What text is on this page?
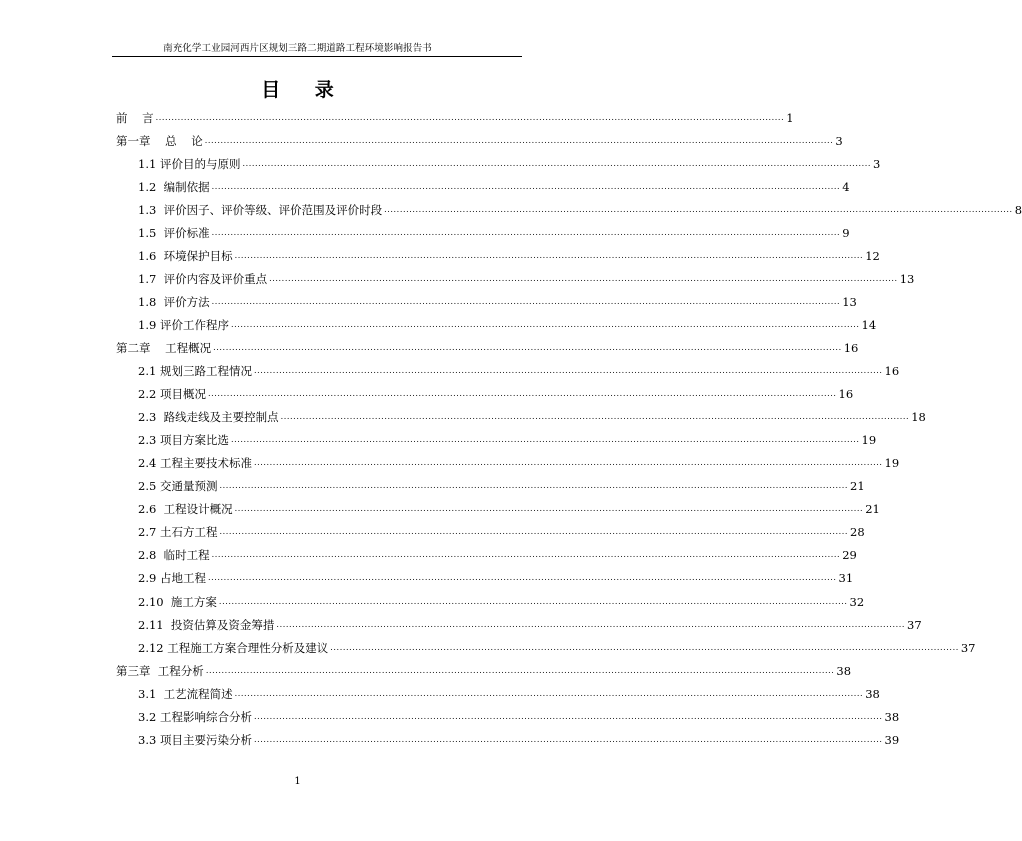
南充化学工业园河西片区规划三路二期道路工程环境影响报告书
目 录
前    言 ........................................................................................................................................................................................................ 1
第一章    总    论 ........................................................................................................................................................................................................ 3
1.1 评价目的与原则 ........................................................................................................................................................................................................ 3
1.2  编制依据 ........................................................................................................................................................................................................ 4
1.3  评价因子、评价等级、评价范围及评价时段 ........................................................................................................................................................................................................ 8
1.5  评价标准 ........................................................................................................................................................................................................ 9
1.6  环境保护目标 ........................................................................................................................................................................................................ 12
1.7  评价内容及评价重点 ........................................................................................................................................................................................................ 13
1.8  评价方法 ........................................................................................................................................................................................................ 13
1.9 评价工作程序 ........................................................................................................................................................................................................ 14
第二章    工程概况 ........................................................................................................................................................................................................ 16
2.1 规划三路工程情况 ........................................................................................................................................................................................................ 16
2.2 项目概况 ........................................................................................................................................................................................................ 16
2.3  路线走线及主要控制点 ........................................................................................................................................................................................................ 18
2.3 项目方案比选 ........................................................................................................................................................................................................ 19
2.4 工程主要技术标准 ........................................................................................................................................................................................................ 19
2.5 交通量预测 ........................................................................................................................................................................................................ 21
2.6  工程设计概况 ........................................................................................................................................................................................................ 21
2.7 土石方工程 ........................................................................................................................................................................................................ 28
2.8  临时工程 ........................................................................................................................................................................................................ 29
2.9 占地工程 ........................................................................................................................................................................................................ 31
2.10  施工方案 ........................................................................................................................................................................................................ 32
2.11  投资估算及资金筹措 ........................................................................................................................................................................................................ 37
2.12 工程施工方案合理性分析及建议 ........................................................................................................................................................................................................ 37
第三章  工程分析 ........................................................................................................................................................................................................ 38
3.1  工艺流程简述 ........................................................................................................................................................................................................ 38
3.2 工程影响综合分析 ........................................................................................................................................................................................................ 38
3.3 项目主要污染分析 ........................................................................................................................................................................................................ 39
1
